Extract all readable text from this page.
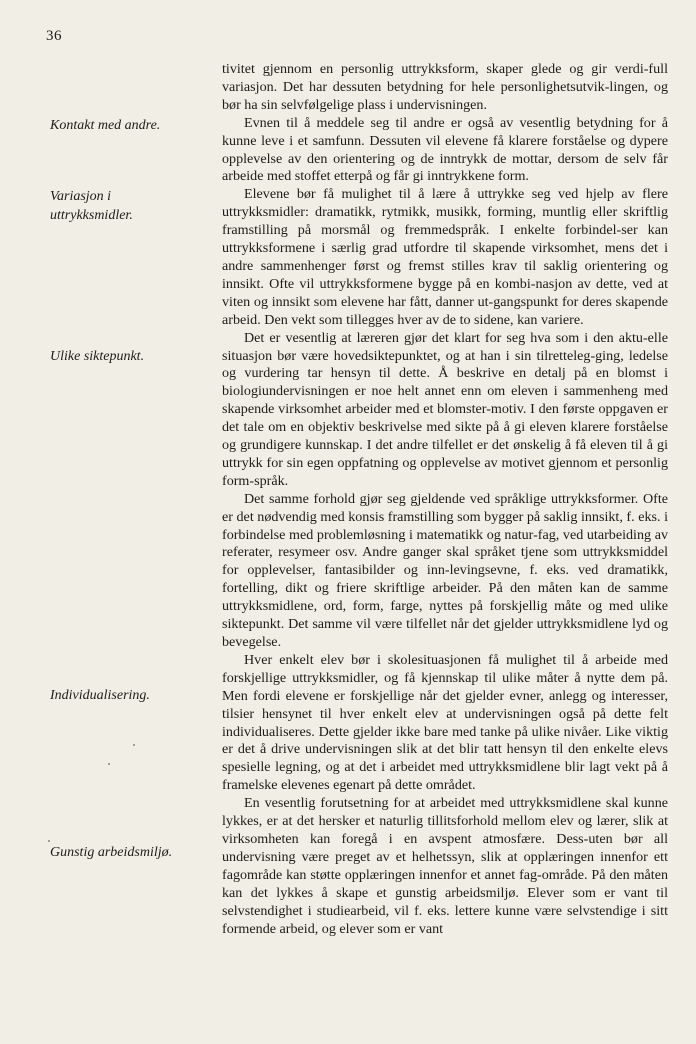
36
Kontakt med andre.
Variasjon i uttrykksmidler.
Ulike siktepunkt.
Individualisering.
Gunstig arbeidsmiljø.

tivitet gjennom en personlig uttrykksform, skaper glede og gir verdi-full variasjon. Det har dessuten betydning for hele personlighetsutvik-lingen, og bør ha sin selvfølgelige plass i undervisningen.

Evnen til å meddele seg til andre er også av vesentlig betydning for å kunne leve i et samfunn. Dessuten vil elevene få klarere forståelse og dypere opplevelse av den orientering og de inntrykk de mottar, dersom de selv får arbeide med stoffet etterpå og får gi inntrykkene form.

Elevene bør få mulighet til å lære å uttrykke seg ved hjelp av flere uttrykksmidler: dramatikk, rytmikk, musikk, forming, muntlig eller skriftlig framstilling på morsmål og fremmedspråk. I enkelte forbindel-ser kan uttrykksformene i særlig grad utfordre til skapende virksomhet, mens det i andre sammenhenger først og fremst stilles krav til saklig orientering og innsikt. Ofte vil uttrykksformene bygge på en kombi-nasjon av dette, ved at viten og innsikt som elevene har fått, danner ut-gangspunkt for deres skapende arbeid. Den vekt som tillegges hver av de to sidene, kan variere.

Det er vesentlig at læreren gjør det klart for seg hva som i den aktu-elle situasjon bør være hovedsiktepunktet, og at han i sin tilretteleg-ging, ledelse og vurdering tar hensyn til dette. Å beskrive en detalj på en blomst i biologiundervisningen er noe helt annet enn om eleven i sammenheng med skapende virksomhet arbeider med et blomster-motiv. I den første oppgaven er det tale om en objektiv beskrivelse med sikte på å gi eleven klarere forståelse og grundigere kunnskap. I det andre tilfellet er det ønskelig å få eleven til å gi uttrykk for sin egen oppfatning og opplevelse av motivet gjennom et personlig form-språk.

Det samme forhold gjør seg gjeldende ved språklige uttrykksformer. Ofte er det nødvendig med konsis framstilling som bygger på saklig innsikt, f. eks. i forbindelse med problemløsning i matematikk og natur-fag, ved utarbeiding av referater, resymeer osv. Andre ganger skal språket tjene som uttrykksmiddel for opplevelser, fantasibilder og inn-levingsevne, f. eks. ved dramatikk, fortelling, dikt og friere skriftlige arbeider. På den måten kan de samme uttrykksmidlene, ord, form, farge, nyttes på forskjellig måte og med ulike siktepunkt. Det samme vil være tilfellet når det gjelder uttrykksmidlene lyd og bevegelse.

Hver enkelt elev bør i skolesituasjonen få mulighet til å arbeide med forskjellige uttrykksmidler, og få kjennskap til ulike måter å nytte dem på. Men fordi elevene er forskjellige når det gjelder evner, anlegg og interesser, tilsier hensynet til hver enkelt elev at undervisningen også på dette felt individualiseres. Dette gjelder ikke bare med tanke på ulike nivåer. Like viktig er det å drive undervisningen slik at det blir tatt hensyn til den enkelte elevs spesielle legning, og at det i arbeidet med uttrykksmidlene blir lagt vekt på å framelske elevenes egenart på dette området.

En vesentlig forutsetning for at arbeidet med uttrykksmidlene skal kunne lykkes, er at det hersker et naturlig tillitsforhold mellom elev og lærer, slik at virksomheten kan foregå i en avspent atmosfære. Dess-uten bør all undervisning være preget av et helhetssyn, slik at opplæringen innenfor ett fagområde kan støtte opplæringen innenfor et annet fag-område. På den måten kan det lykkes å skape et gunstig arbeidsmiljø. Elever som er vant til selvstendighet i studiearbeid, vil f. eks. lettere kunne være selvstendige i sitt formende arbeid, og elever som er vant
